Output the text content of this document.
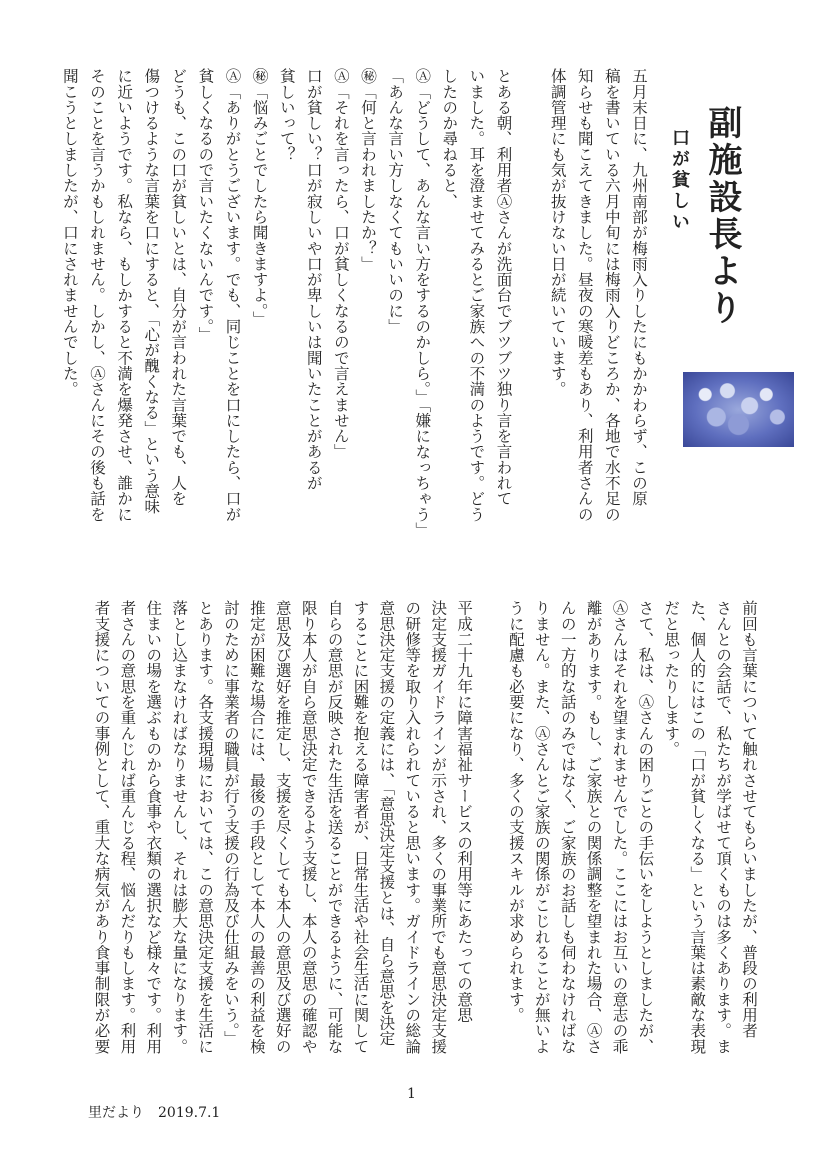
副施設長より
口が貧しい
五月末日に、九州南部が梅雨入りしたにもかかわらず、この原
稿を書いている六月中旬には梅雨入りどころか、各地で水不足の
知らせも聞こえてきました。昼夜の寒暖差もあり、利用者さんの
体調管理にも気が抜けない日が続いています。
とある朝、利用者Ⓐさんが洗面台でブツブツ独り言を言われて
いました。耳を澄ませてみるとご家族への不満のようです。どう
したのか尋ねると、
Ⓐ「どうして、あんな言い方をするのかしら。」「嫌になっちゃう」
「あんな言い方しなくてもいいのに」
㊙「何と言われましたか？」
Ⓐ「それを言ったら、口が貧しくなるので言えません」
口が貧しい？口が寂しいや口が卑しいは聞いたことがあるが
貧しいって？
㊙「悩みごとでしたら聞きますよ。」
Ⓐ「ありがとうございます。でも、同じことを口にしたら、口が
貧しくなるので言いたくないんです。」
どうも、この口が貧しいとは、自分が言われた言葉でも、人を
傷つけるような言葉を口にすると、「心が醜くなる」という意味
に近いようです。私なら、もしかすると不満を爆発させ、誰かに
そのことを言うかもしれません。しかし、Ⓐさんにその後も話を
聞こうとしましたが、口にされませんでした。
前回も言葉について触れさせてもらいましたが、普段の利用者
さんとの会話で、私たちが学ばせて頂くものは多くあります。ま
た、個人的にはこの「口が貧しくなる」という言葉は素敵な表現
だと思ったりします。
さて、私は、Ⓐさんの困りごとの手伝いをしようとしましたが、
Ⓐさんはそれを望まれませんでした。ここにはお互いの意志の乖
離があります。もし、ご家族との関係調整を望まれた場合、Ⓐさ
んの一方的な話のみではなく、ご家族のお話しも伺わなければな
りません。また、Ⓐさんとご家族の関係がこじれることが無いよ
うに配慮も必要になり、多くの支援スキルが求められます。
平成二十九年に障害福祉サービスの利用等にあたっての意思
決定支援ガイドラインが示され、多くの事業所でも意思決定支援
の研修等を取り入れられていると思います。ガイドラインの総論
意思決定支援の定義には、「意思決定支援とは、自ら意思を決定
することに困難を抱える障害者が、日常生活や社会生活に関して
自らの意思が反映された生活を送ることができるように、可能な
限り本人が自ら意思決定できるよう支援し、本人の意思の確認や
意思及び選好を推定し、支援を尽くしても本人の意思及び選好の
推定が困難な場合には、最後の手段として本人の最善の利益を検
討のために事業者の職員が行う支援の行為及び仕組みをいう。」
とあります。各支援現場においては、この意思決定支援を生活に
落とし込まなければなりませんし、それは膨大な量になります。
住まいの場を選ぶものから食事や衣類の選択など様々です。利用
者さんの意思を重んじれば重んじる程、悩んだりもします。利用
者支援についての事例として、重大な病気があり食事制限が必要
1
里だより　2019.7.1
